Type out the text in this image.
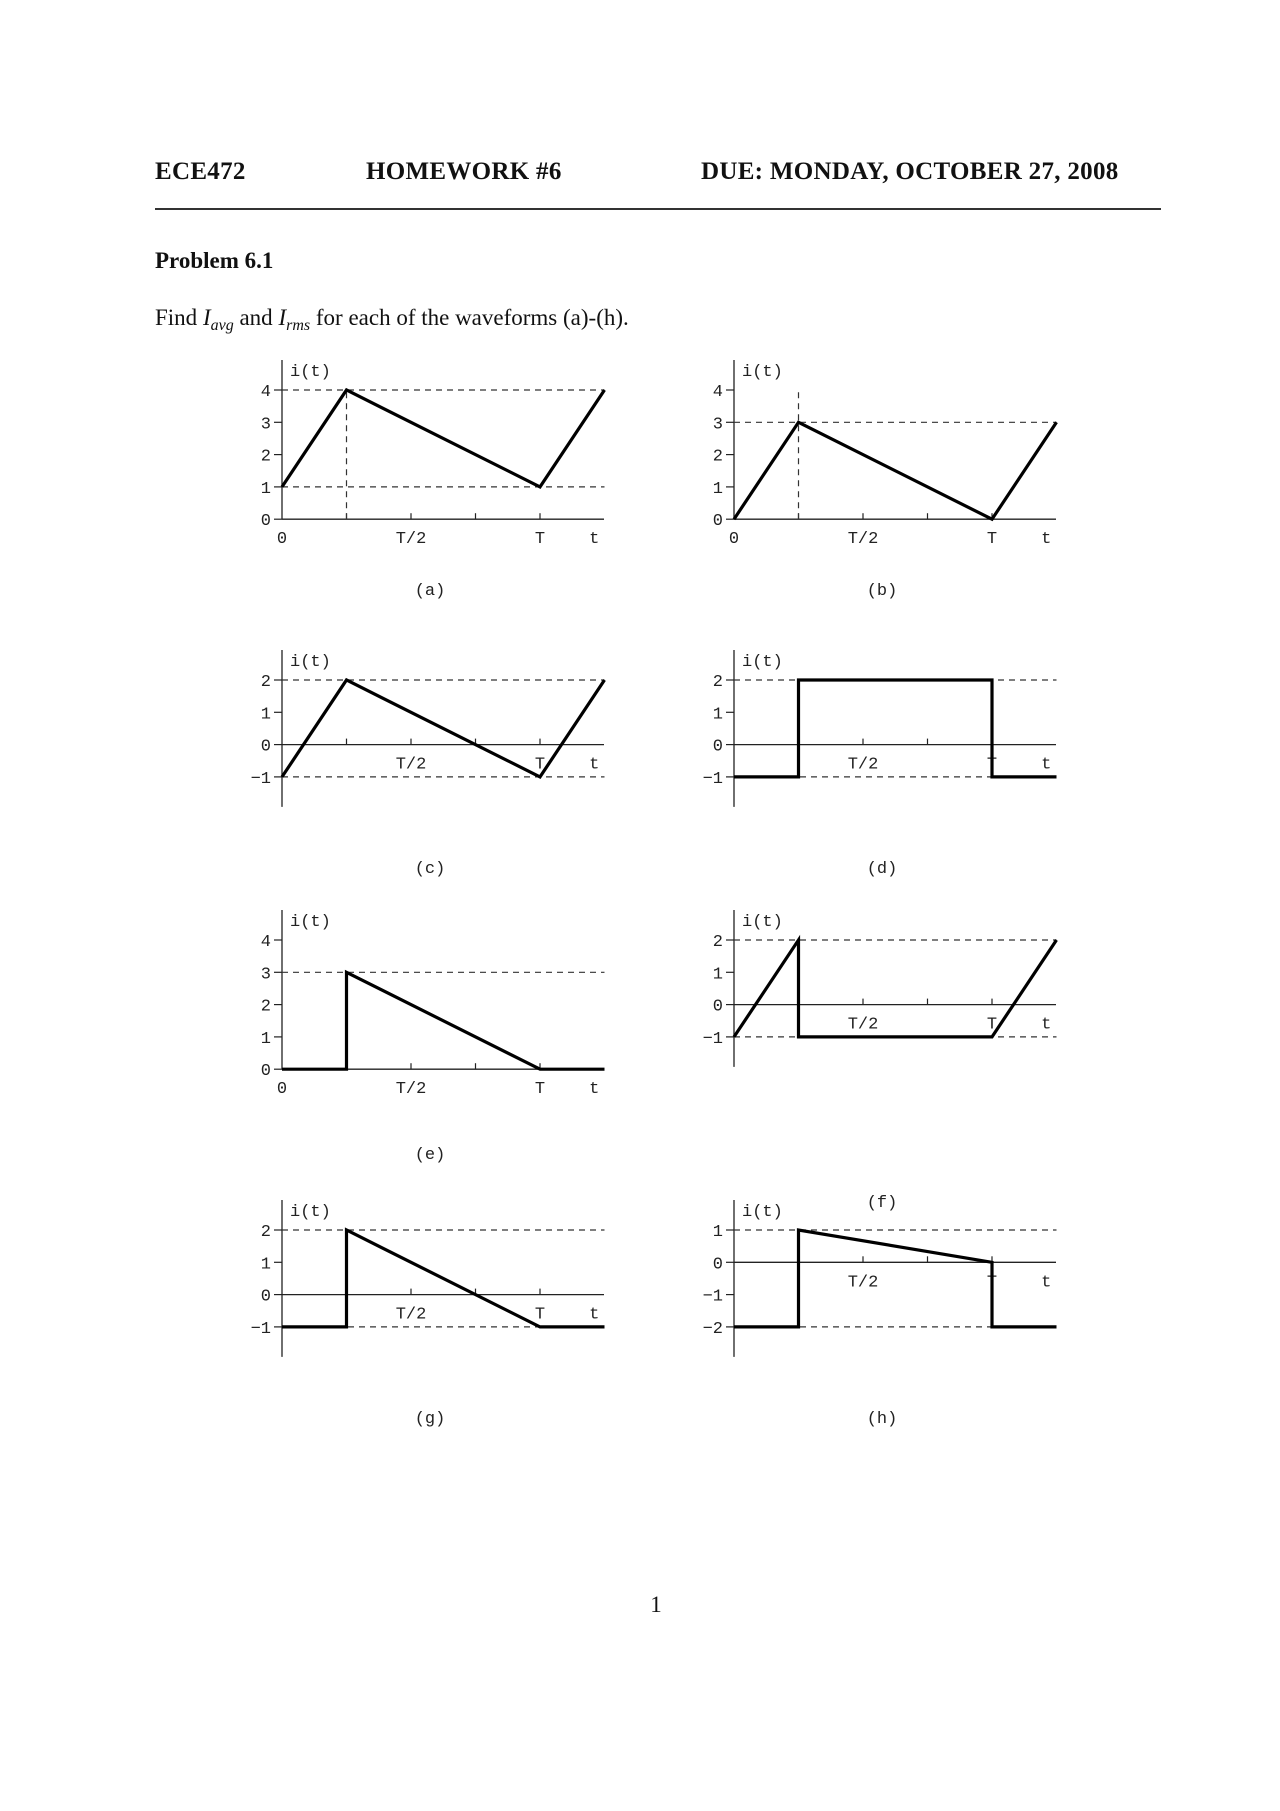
ECE472	HOMEWORK #6	DUE: MONDAY, OCTOBER 27, 2008
Problem 6.1
Find $I_{avg}$ and $I_{rms}$ for each of the waveforms (a)-(h).
0
1
2
3
4
0	T/2	T	t
i(t)
(a)
0
1
2
3
4
0	T/2	T	t
i(t)
(b)
−1
0
1
2
T/2	T	t
i(t)
(c)
−1
0
1
2
T/2	T	t
i(t)
(d)
0
1
2
3
4
0	T/2	T	t
i(t)
(e)
−1
0
1
2
T/2	T	t
i(t)
(f)
−1
0
1
2
T/2	T	t
i(t)
(g)
−2
−1
0
1
T/2	T	t
i(t)
(h)
1
